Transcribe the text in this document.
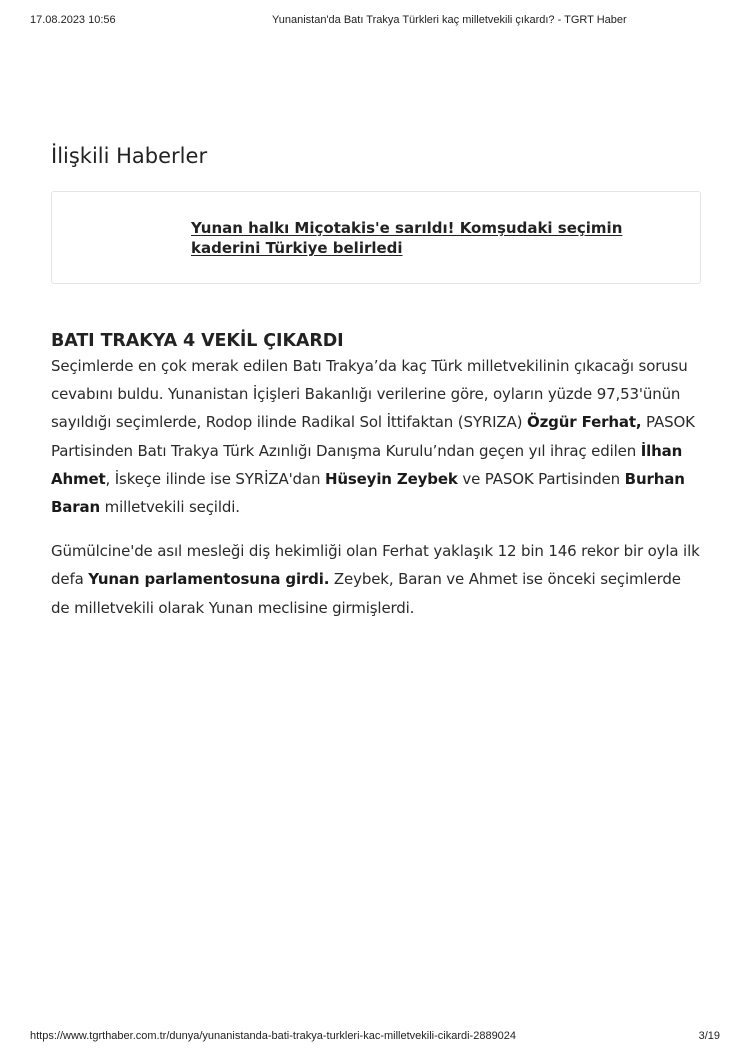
17.08.2023 10:56	Yunanistan'da Batı Trakya Türkleri kaç milletvekili çıkardı? - TGRT Haber
İlişkili Haberler
Yunan halkı Miçotakis'e sarıldı! Komşudaki seçimin kaderini Türkiye belirledi
BATI TRAKYA 4 VEKİL ÇIKARDI

Seçimlerde en çok merak edilen Batı Trakya’da kaç Türk milletvekilinin çıkacağı sorusu cevabını buldu. Yunanistan İçişleri Bakanlığı verilerine göre, oyların yüzde 97,53'ünün sayıldığı seçimlerde, Rodop ilinde Radikal Sol İttifaktan (SYRIZA) Özgür Ferhat, PASOK Partisinden Batı Trakya Türk Azınlığı Danışma Kurulu’ndan geçen yıl ihraç edilen İlhan Ahmet, İskeçe ilinde ise SYRİZA'dan Hüseyin Zeybek ve PASOK Partisinden Burhan Baran milletvekili seçildi.

Gümülcine'de asıl mesleği diş hekimliği olan Ferhat yaklaşık 12 bin 146 rekor bir oyla ilk defa Yunan parlamentosuna girdi. Zeybek, Baran ve Ahmet ise önceki seçimlerde de milletvekili olarak Yunan meclisine girmişlerdi.

https://www.tgrthaber.com.tr/dunya/yunanistanda-bati-trakya-turkleri-kac-milletvekili-cikardi-2889024	3/19
